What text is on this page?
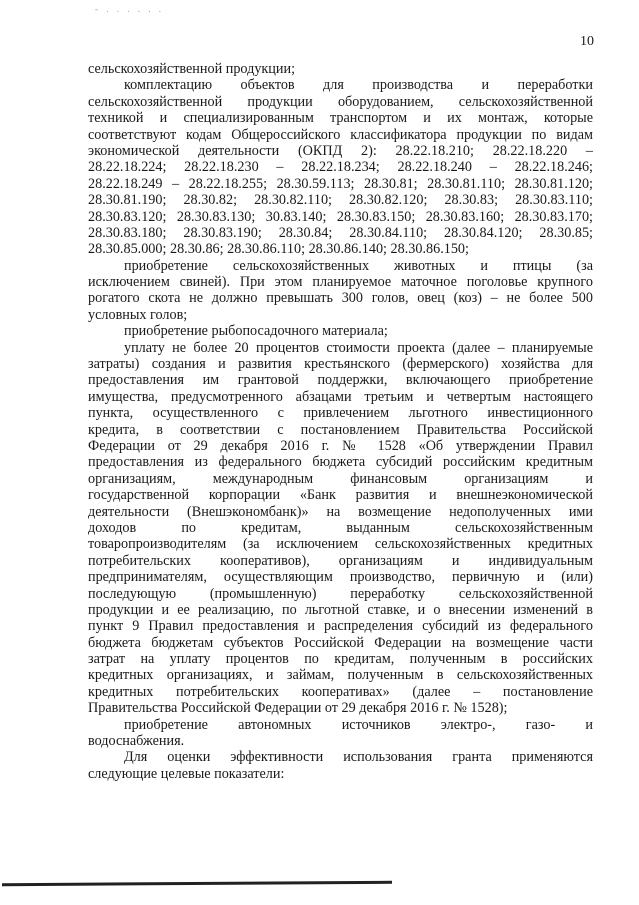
- . . . . . .
10
сельскохозяйственной продукции;
комплектацию объектов для производства и переработки
сельскохозяйственной продукции оборудованием, сельскохозяйственной
техникой и специализированным транспортом и их монтаж, которые
соответствуют кодам Общероссийского классификатора продукции по видам
экономической деятельности (ОКПД 2): 28.22.18.210; 28.22.18.220 –
28.22.18.224; 28.22.18.230 – 28.22.18.234; 28.22.18.240 – 28.22.18.246;
28.22.18.249 – 28.22.18.255; 28.30.59.113; 28.30.81; 28.30.81.110; 28.30.81.120;
28.30.81.190; 28.30.82; 28.30.82.110; 28.30.82.120; 28.30.83; 28.30.83.110;
28.30.83.120; 28.30.83.130; 30.83.140; 28.30.83.150; 28.30.83.160; 28.30.83.170;
28.30.83.180; 28.30.83.190; 28.30.84; 28.30.84.110; 28.30.84.120; 28.30.85;
28.30.85.000; 28.30.86; 28.30.86.110; 28.30.86.140; 28.30.86.150;
приобретение сельскохозяйственных животных и птицы (за
исключением свиней). При этом планируемое маточное поголовье крупного
рогатого скота не должно превышать 300 голов, овец (коз) – не более 500
условных голов;
приобретение рыбопосадочного материала;
уплату не более 20 процентов стоимости проекта (далее – планируемые
затраты) создания и развития крестьянского (фермерского) хозяйства для
предоставления им грантовой поддержки, включающего приобретение
имущества, предусмотренного абзацами третьим и четвертым настоящего
пункта, осуществленного с привлечением льготного инвестиционного
кредита, в соответствии с постановлением Правительства Российской
Федерации от 29 декабря 2016 г. № 1528 «Об утверждении Правил
предоставления из федерального бюджета субсидий российским кредитным
организациям, международным финансовым организациям и
государственной корпорации «Банк развития и внешнеэкономической
деятельности (Внешэкономбанк)» на возмещение недополученных ими
доходов по кредитам, выданным сельскохозяйственным
товаропроизводителям (за исключением сельскохозяйственных кредитных
потребительских кооперативов), организациям и индивидуальным
предпринимателям, осуществляющим производство, первичную и (или)
последующую (промышленную) переработку сельскохозяйственной
продукции и ее реализацию, по льготной ставке, и о внесении изменений в
пункт 9 Правил предоставления и распределения субсидий из федерального
бюджета бюджетам субъектов Российской Федерации на возмещение части
затрат на уплату процентов по кредитам, полученным в российских
кредитных организациях, и займам, полученным в сельскохозяйственных
кредитных потребительских кооперативах» (далее – постановление
Правительства Российской Федерации от 29 декабря 2016 г. № 1528);
приобретение автономных источников электро-, газо- и
водоснабжения.
Для оценки эффективности использования гранта применяются
следующие целевые показатели:
